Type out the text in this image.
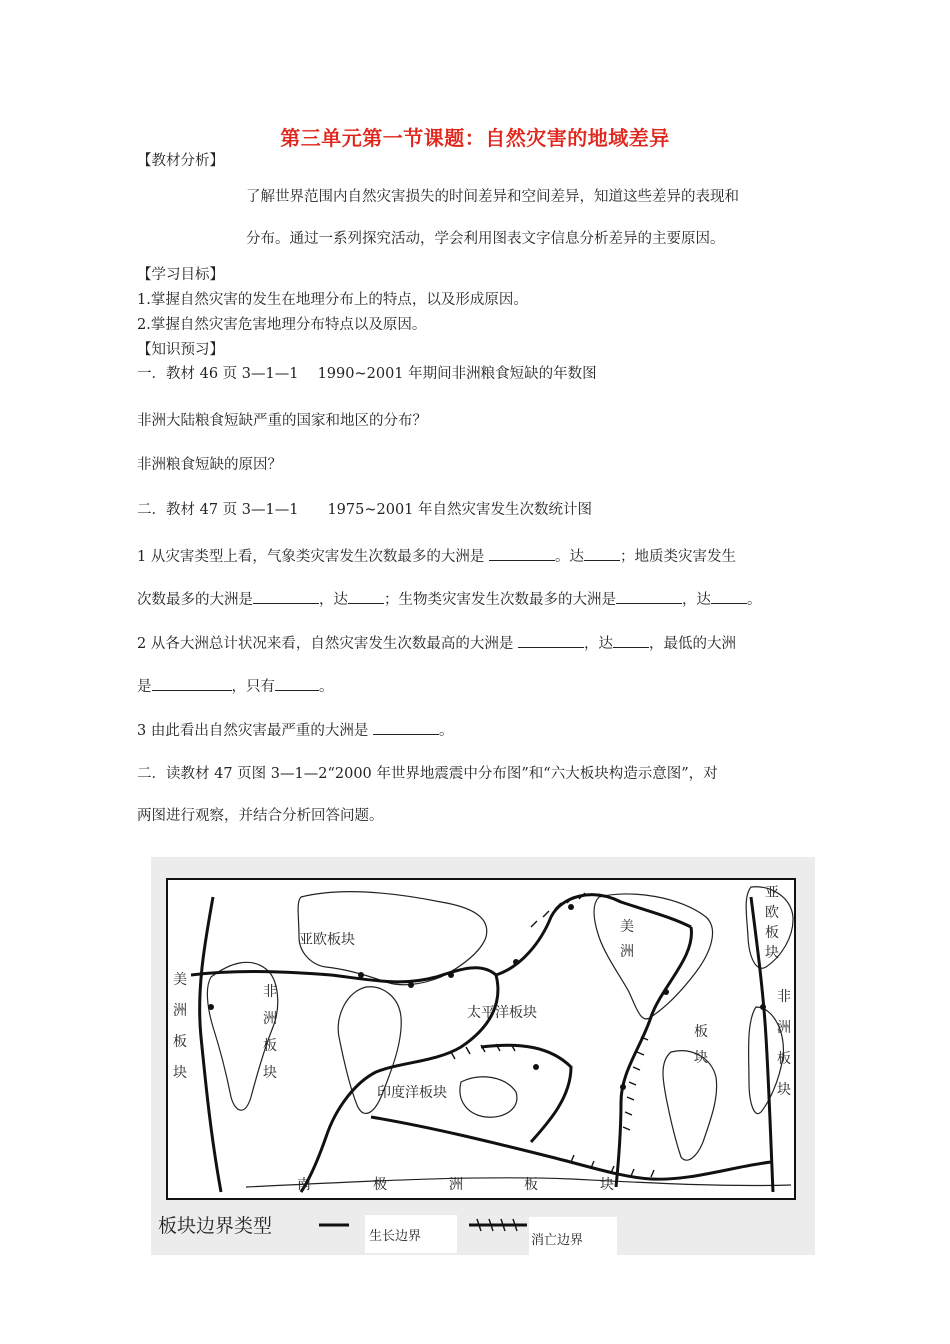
第三单元第一节课题：自然灾害的地域差异
【教材分析】
了解世界范围内自然灾害损失的时间差异和空间差异，知道这些差异的表现和
分布。通过一系列探究活动，学会利用图表文字信息分析差异的主要原因。
【学习目标】
1.掌握自然灾害的发生在地理分布上的特点，以及形成原因。
2.掌握自然灾害危害地理分布特点以及原因。
【知识预习】
一．教材 46 页 3—1—1　 1990~2001 年期间非洲粮食短缺的年数图
非洲大陆粮食短缺严重的国家和地区的分布？
非洲粮食短缺的原因？
二．教材 47 页 3—1—1　　1975~2001 年自然灾害发生次数统计图
1 从灾害类型上看，气象类灾害发生次数最多的大洲是	。达 ；地质类灾害发生
次数最多的大洲是	，达 ；生物类灾害发生次数最多的大洲是	，达 。
2 从各大洲总计状况来看，自然灾害发生次数最高的大洲是	，达 ，最低的大洲
是	，只有	。
3 由此看出自然灾害最严重的大洲是	。
二．读教材 47 页图 3—1—2“2000 年世界地震震中分布图”和“六大板块构造示意图”，对
两图进行观察，并结合分析回答问题。
亚欧板块
太平洋板块
印度洋板块
非
洲
板
块
美
洲
板
块
美
洲
板
块
亚
欧
板
块
非
洲
板
块
南	极	洲	板	块
板块边界类型	生长边界	消亡边界
